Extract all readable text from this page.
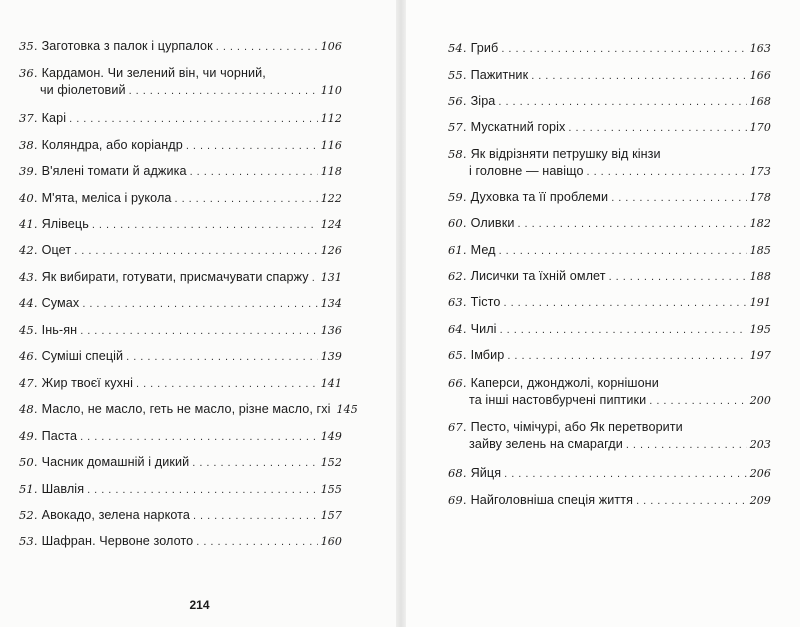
35. Заготовка з палок і цурпалок .....	106
36. Кардамон. Чи зелений він, чи чорний,
чи фіолетовий .....	110
37. Карі .....	112
38. Коляндра, або коріандр .....	116
39. В'ялені томати й аджика .....	118
40. М'ята, меліса і рукола .....	122
41. Ялівець .....	124
42. Оцет .....	126
43. Як вибирати, готувати, присмачувати спаржу ..... 131
44. Сумах .....	134
45. Інь-ян .....	136
46. Суміші спецій .....	139
47. Жир твоєї кухні .....	141
48. Масло, не масло, геть не масло, різне масло, гхі 145
49. Паста .....	149
50. Часник домашній і дикий .....	152
51. Шавлія .....	155
52. Авокадо, зелена наркота .....	157
53. Шафран. Червоне золото .....	160
54. Гриб .....	163
55. Пажитник .....	166
56. Зіра .....	168
57. Мускатний горіх .....	170
58. Як відрізняти петрушку від кінзи
і головне — навіщо .....	173
59. Духовка та її проблеми .....	178
60. Оливки .....	182
61. Мед .....	185
62. Лисички та їхній омлет .....	188
63. Тісто .....	191
64. Чилі .....	195
65. Імбир .....	197
66. Каперси, джонджолі, корнішони
та інші настовбурчені пиптики .....	200
67. Песто, чімічурі, або Як перетворити
зайву зелень на смарагди .....	203
68. Яйця .....	206
69. Найголовніша спеція життя .....	209
214
